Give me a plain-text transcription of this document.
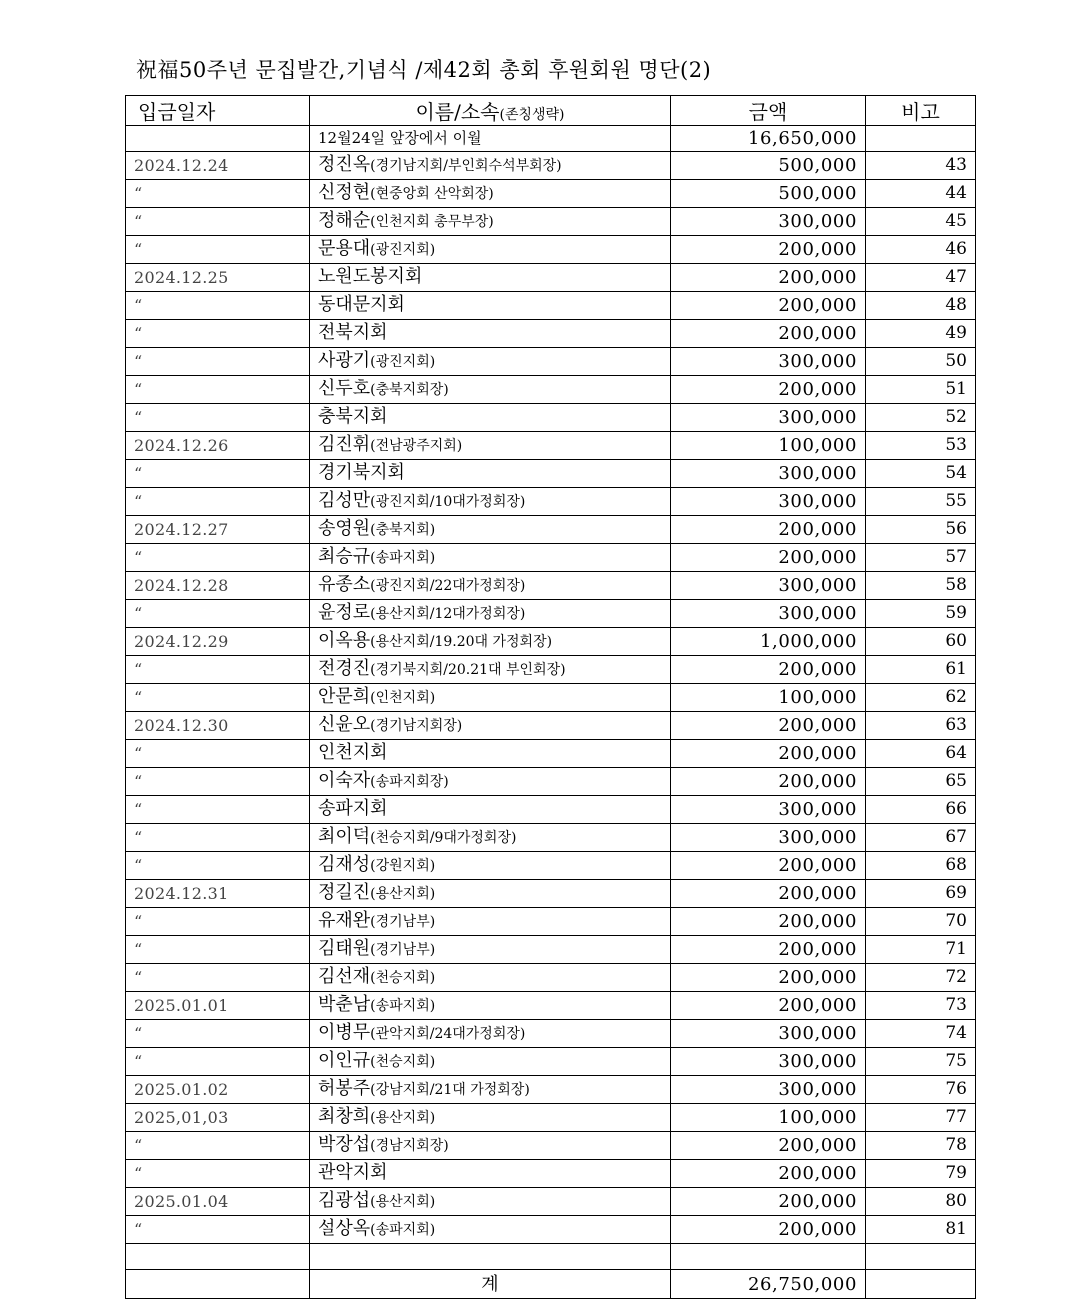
祝福50주년 문집발간,기념식 /제42회 총회 후원회원 명단(2)
입금일자	이름/소속(존칭생략)	금액	비고
	12월24일 앞장에서 이월	16,650,000	
2024.12.24	정진옥(경기남지회/부인회수석부회장)	500,000	43
“	신정현(현중앙회 산악회장)	500,000	44
“	정해순(인천지회 총무부장)	300,000	45
“	문용대(광진지회)	200,000	46
2024.12.25	노원도봉지회	200,000	47
“	동대문지회	200,000	48
“	전북지회	200,000	49
“	사광기(광진지회)	300,000	50
“	신두호(충북지회장)	200,000	51
“	충북지회	300,000	52
2024.12.26	김진휘(전남광주지회)	100,000	53
“	경기북지회	300,000	54
“	김성만(광진지회/10대가정회장)	300,000	55
2024.12.27	송영원(충북지회)	200,000	56
“	최승규(송파지회)	200,000	57
2024.12.28	유종소(광진지회/22대가정회장)	300,000	58
“	윤정로(용산지회/12대가정회장)	300,000	59
2024.12.29	이옥용(용산지회/19.20대 가정회장)	1,000,000	60
“	전경진(경기북지회/20.21대 부인회장)	200,000	61
“	안문희(인천지회)	100,000	62
2024.12.30	신윤오(경기남지회장)	200,000	63
“	인천지회	200,000	64
“	이숙자(송파지회장)	200,000	65
“	송파지회	300,000	66
“	최이덕(천승지회/9대가정회장)	300,000	67
“	김재성(강원지회)	200,000	68
2024.12.31	정길진(용산지회)	200,000	69
“	유재완(경기남부)	200,000	70
“	김태원(경기남부)	200,000	71
“	김선재(천승지회)	200,000	72
2025.01.01	박춘남(송파지회)	200,000	73
“	이병무(관악지회/24대가정회장)	300,000	74
“	이인규(천승지회)	300,000	75
2025.01.02	허봉주(강남지회/21대 가정회장)	300,000	76
2025,01,03	최창희(용산지회)	100,000	77
“	박장섭(경남지회장)	200,000	78
“	관악지회	200,000	79
2025.01.04	김광섭(용산지회)	200,000	80
“	설상옥(송파지회)	200,000	81

	계	26,750,000	
